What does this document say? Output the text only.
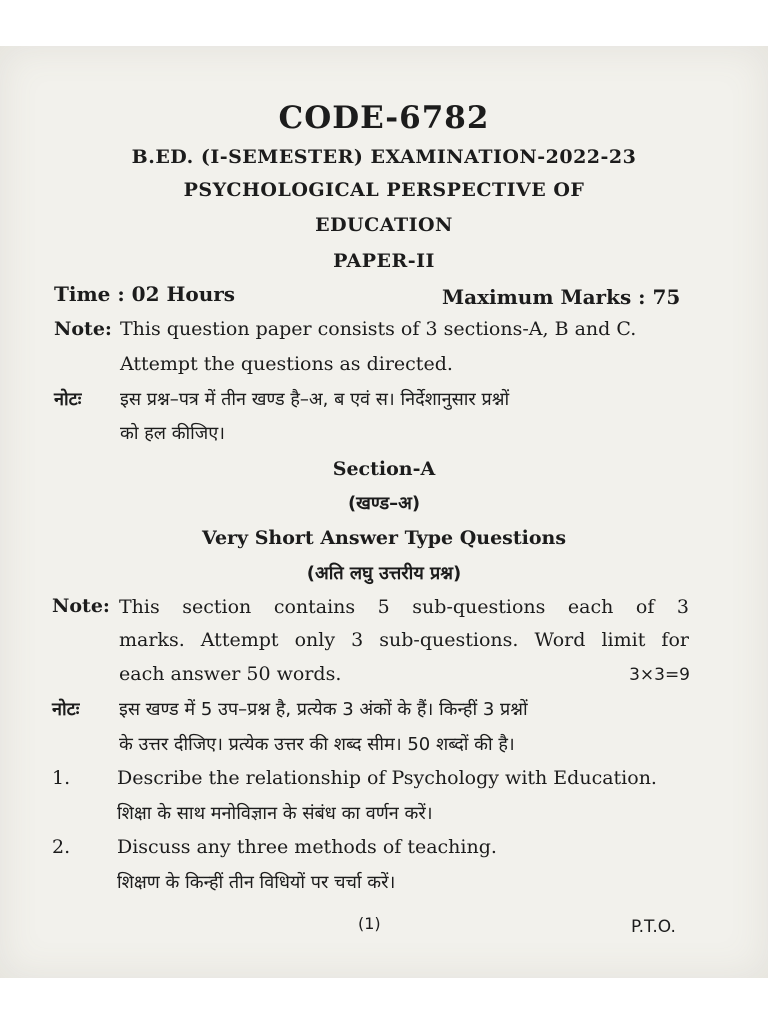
CODE-6782
B.ED. (I-SEMESTER) EXAMINATION-2022-23
PSYCHOLOGICAL PERSPECTIVE OF
EDUCATION
PAPER-II
Time : 02 Hours	Maximum Marks : 75
Note: This question paper consists of 3 sections-A, B and C.
Attempt the questions as directed.
नोटः इस प्रश्न–पत्र में तीन खण्ड है–अ, ब एवं स। निर्देशानुसार प्रश्नों
को हल कीजिए।
Section-A
(खण्ड–अ)
Very Short Answer Type Questions
(अति लघु उत्तरीय प्रश्न)
Note: This section contains 5 sub-questions each of 3
marks. Attempt only 3 sub-questions. Word limit for
each answer 50 words.	3×3=9
नोटः इस खण्ड में 5 उप–प्रश्न है, प्रत्येक 3 अंकों के हैं। किन्हीं 3 प्रश्नों
के उत्तर दीजिए। प्रत्येक उत्तर की शब्द सीम। 50 शब्दों की है।
1. Describe the relationship of Psychology with Education.
शिक्षा के साथ मनोविज्ञान के संबंध का वर्णन करें।
2. Discuss any three methods of teaching.
शिक्षण के किन्हीं तीन विधियों पर चर्चा करें।
(1)	P.T.O.
